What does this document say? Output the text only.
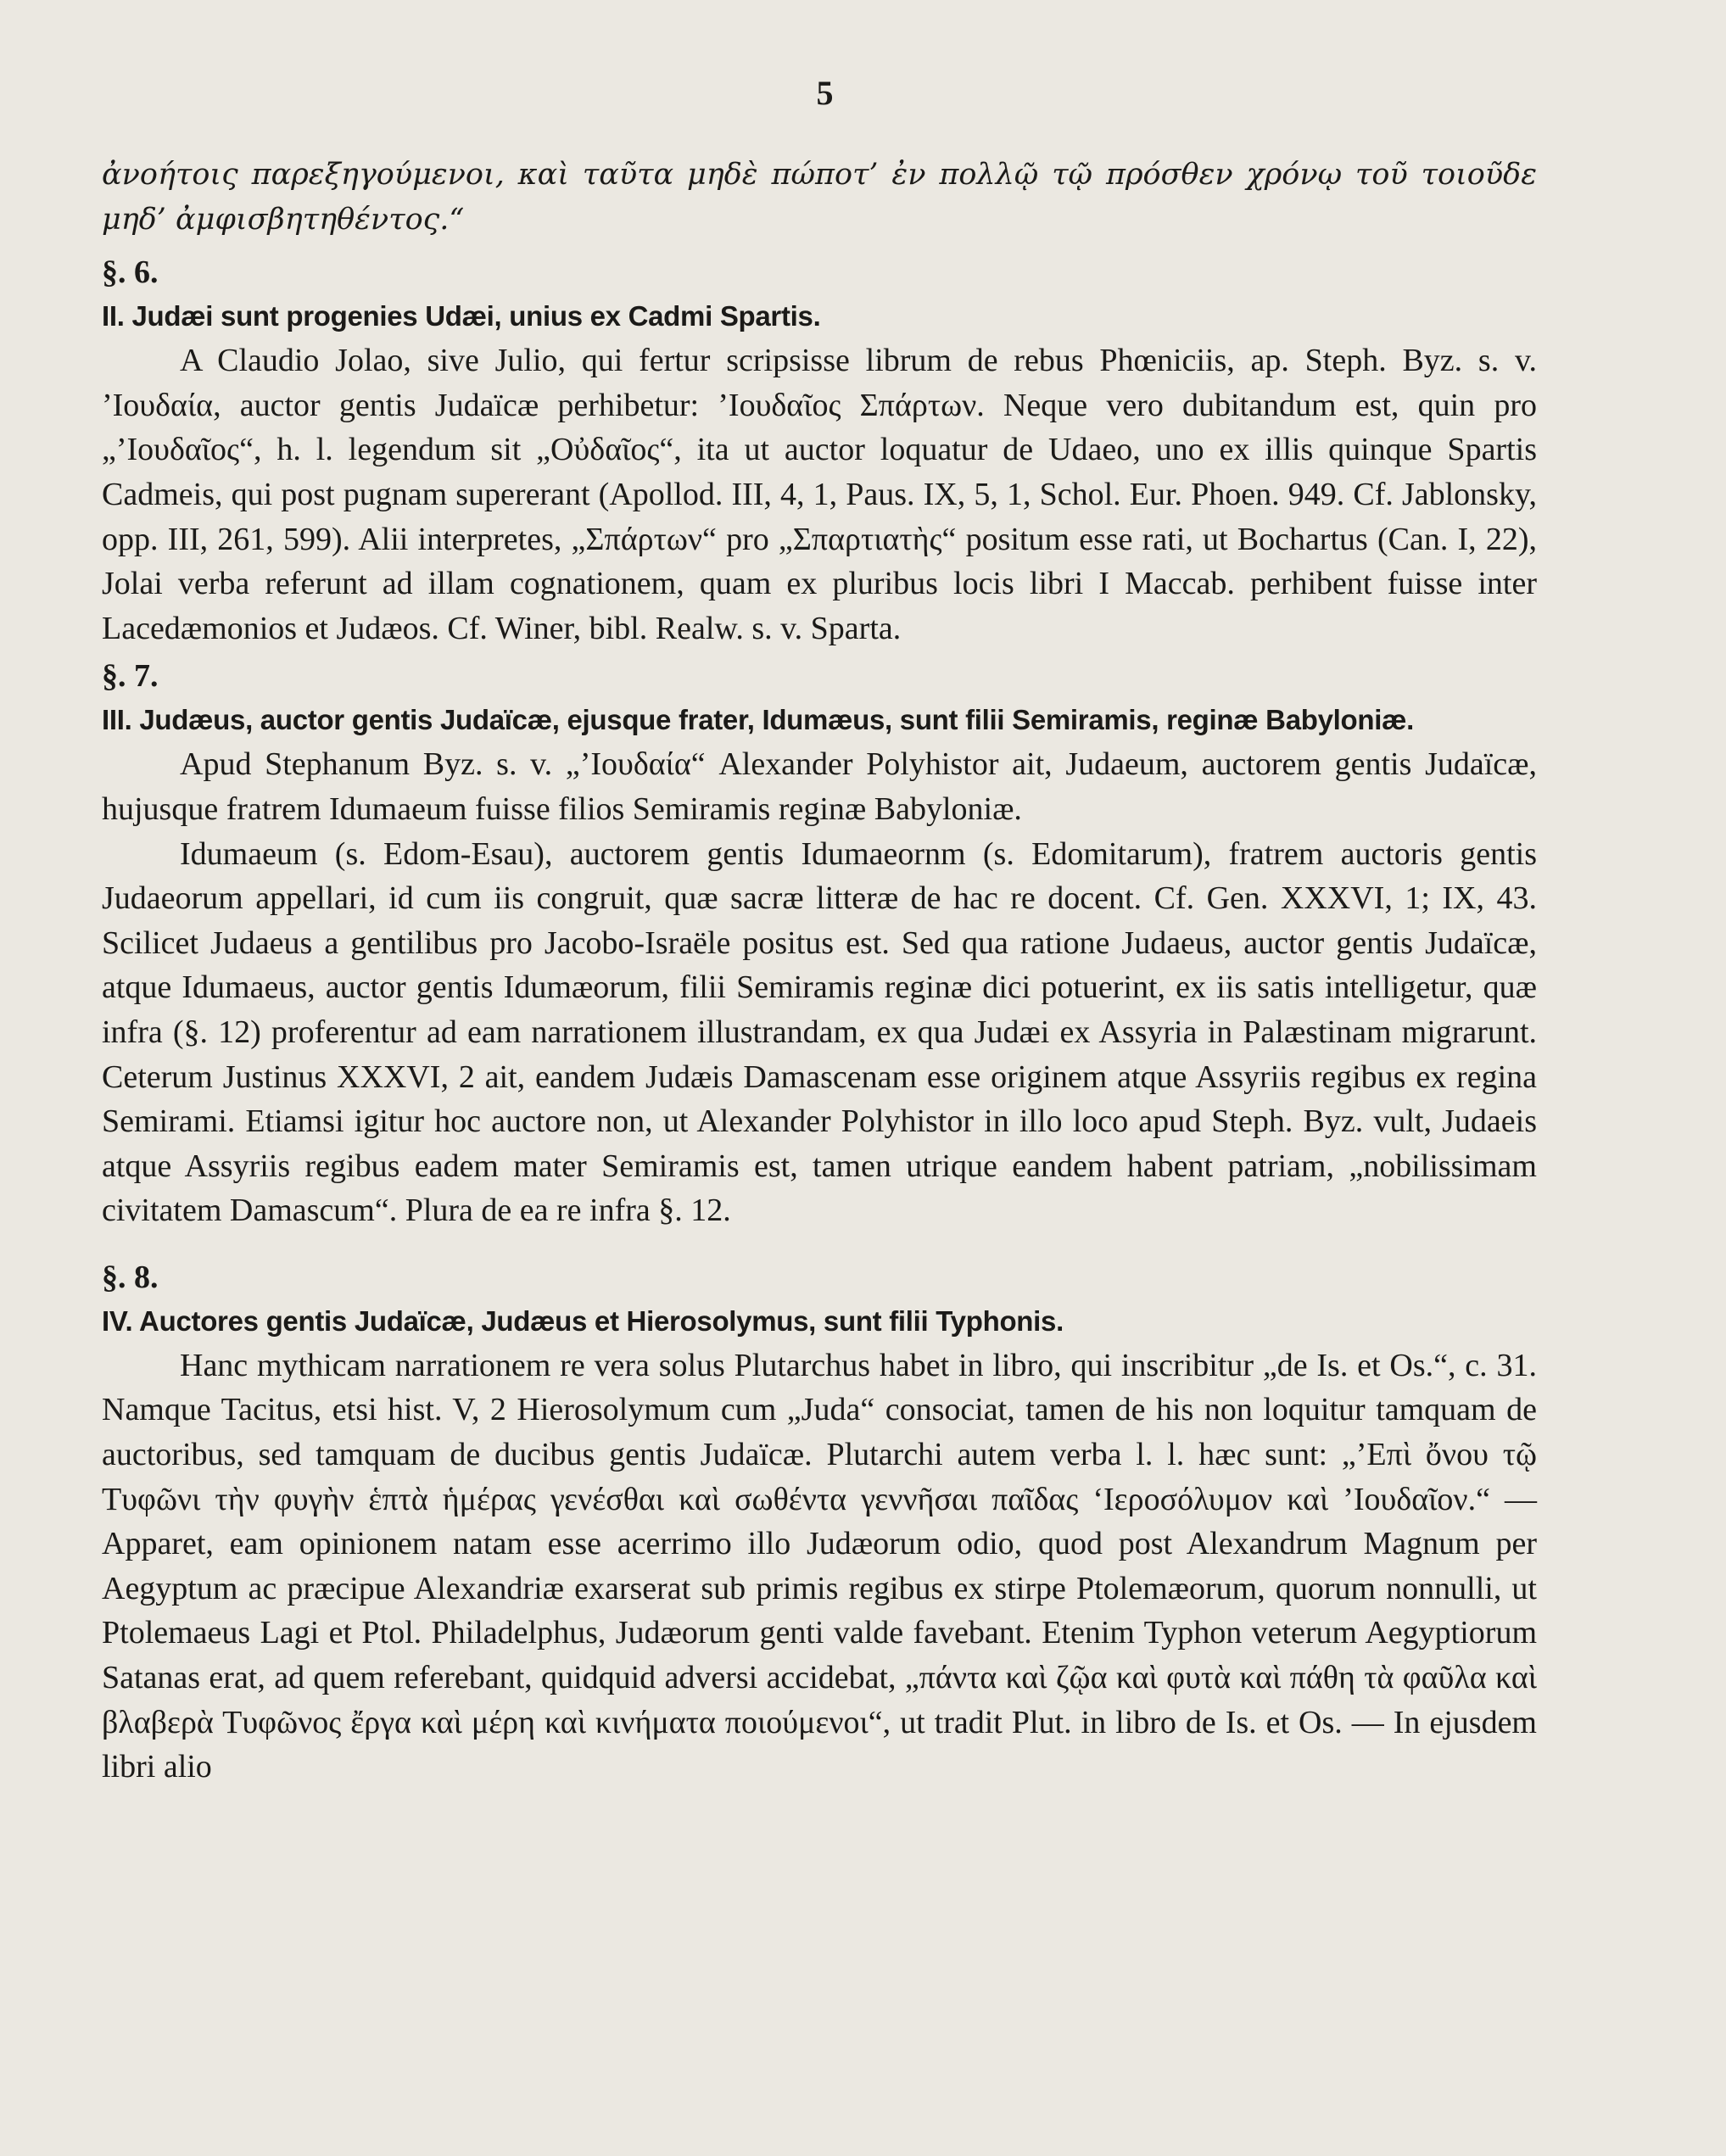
5

ἀνοήτοις παρεξηγούμενοι, καὶ ταῦτα μηδὲ πώποτ’ ἐν πολλῷ τῷ πρόσθεν χρόνῳ τοῦ τοιοῦδε μηδ’ ἀμφισβητηθέντος.“

§. 6.

II. Judæi sunt progenies Udæi, unius ex Cadmi Spartis.

A Claudio Jolao, sive Julio, qui fertur scripsisse librum de rebus Phœniciis, ap. Steph. Byz. s. v. ’Ιουδαία, auctor gentis Judaïcæ perhibetur: ’Ιουδαῖος Σπάρτων. Neque vero dubitandum est, quin pro „’Ιουδαῖος“, h. l. legendum sit „Οὐδαῖος“, ita ut auctor loquatur de Udaeo, uno ex illis quinque Spartis Cadmeis, qui post pugnam supererant (Apollod. III, 4, 1, Paus. IX, 5, 1, Schol. Eur. Phoen. 949. Cf. Jablonsky, opp. III, 261, 599). Alii interpretes, „Σπάρτων“ pro „Σπαρτιατὴς“ positum esse rati, ut Bochartus (Can. I, 22), Jolai verba referunt ad illam cognationem, quam ex pluribus locis libri I Maccab. perhibent fuisse inter Lacedæmonios et Judæos. Cf. Winer, bibl. Realw. s. v. Sparta.

§. 7.

III. Judæus, auctor gentis Judaïcæ, ejusque frater, Idumæus, sunt filii Semiramis, reginæ Babyloniæ.

Apud Stephanum Byz. s. v. „’Ιουδαία“ Alexander Polyhistor ait, Judaeum, auctorem gentis Judaïcæ, hujusque fratrem Idumaeum fuisse filios Semiramis reginæ Babyloniæ.

Idumaeum (s. Edom-Esau), auctorem gentis Idumaeornm (s. Edomitarum), fratrem auctoris gentis Judaeorum appellari, id cum iis congruit, quæ sacræ litteræ de hac re docent. Cf. Gen. XXXVI, 1; IX, 43. Scilicet Judaeus a gentilibus pro Jacobo-Israële positus est. Sed qua ratione Judaeus, auctor gentis Judaïcæ, atque Idumaeus, auctor gentis Idumæorum, filii Semiramis reginæ dici potuerint, ex iis satis intelligetur, quæ infra (§. 12) proferentur ad eam narrationem illustrandam, ex qua Judæi ex Assyria in Palæstinam migrarunt. Ceterum Justinus XXXVI, 2 ait, eandem Judæis Damascenam esse originem atque Assyriis regibus ex regina Semirami. Etiamsi igitur hoc auctore non, ut Alexander Polyhistor in illo loco apud Steph. Byz. vult, Judaeis atque Assyriis regibus eadem mater Semiramis est, tamen utrique eandem habent patriam, „nobilissimam civitatem Damascum“. Plura de ea re infra §. 12.

§. 8.

IV. Auctores gentis Judaïcæ, Judæus et Hierosolymus, sunt filii Typhonis.

Hanc mythicam narrationem re vera solus Plutarchus habet in libro, qui inscribitur „de Is. et Os.“, c. 31. Namque Tacitus, etsi hist. V, 2 Hierosolymum cum „Juda“ consociat, tamen de his non loquitur tamquam de auctoribus, sed tamquam de ducibus gentis Judaïcæ. Plutarchi autem verba l. l. hæc sunt: „’Επὶ ὄνου τῷ Τυφῶνι τὴν φυγὴν ἑπτὰ ἡμέρας γενέσθαι καὶ σωθέντα γεννῆσαι παῖδας ‘Ιεροσόλυμον καὶ ’Ιουδαῖον.“ — Apparet, eam opinionem natam esse acerrimo illo Judæorum odio, quod post Alexandrum Magnum per Aegyptum ac præcipue Alexandriæ exarserat sub primis regibus ex stirpe Ptolemæorum, quorum nonnulli, ut Ptolemaeus Lagi et Ptol. Philadelphus, Judæorum genti valde favebant. Etenim Typhon veterum Aegyptiorum Satanas erat, ad quem referebant, quidquid adversi accidebat, „πάντα καὶ ζῷα καὶ φυτὰ καὶ πάθη τὰ φαῦλα καὶ βλαβερὰ Τυφῶνος ἔργα καὶ μέρη καὶ κινήματα ποιούμενοι“, ut tradit Plut. in libro de Is. et Os. — In ejusdem libri alio
